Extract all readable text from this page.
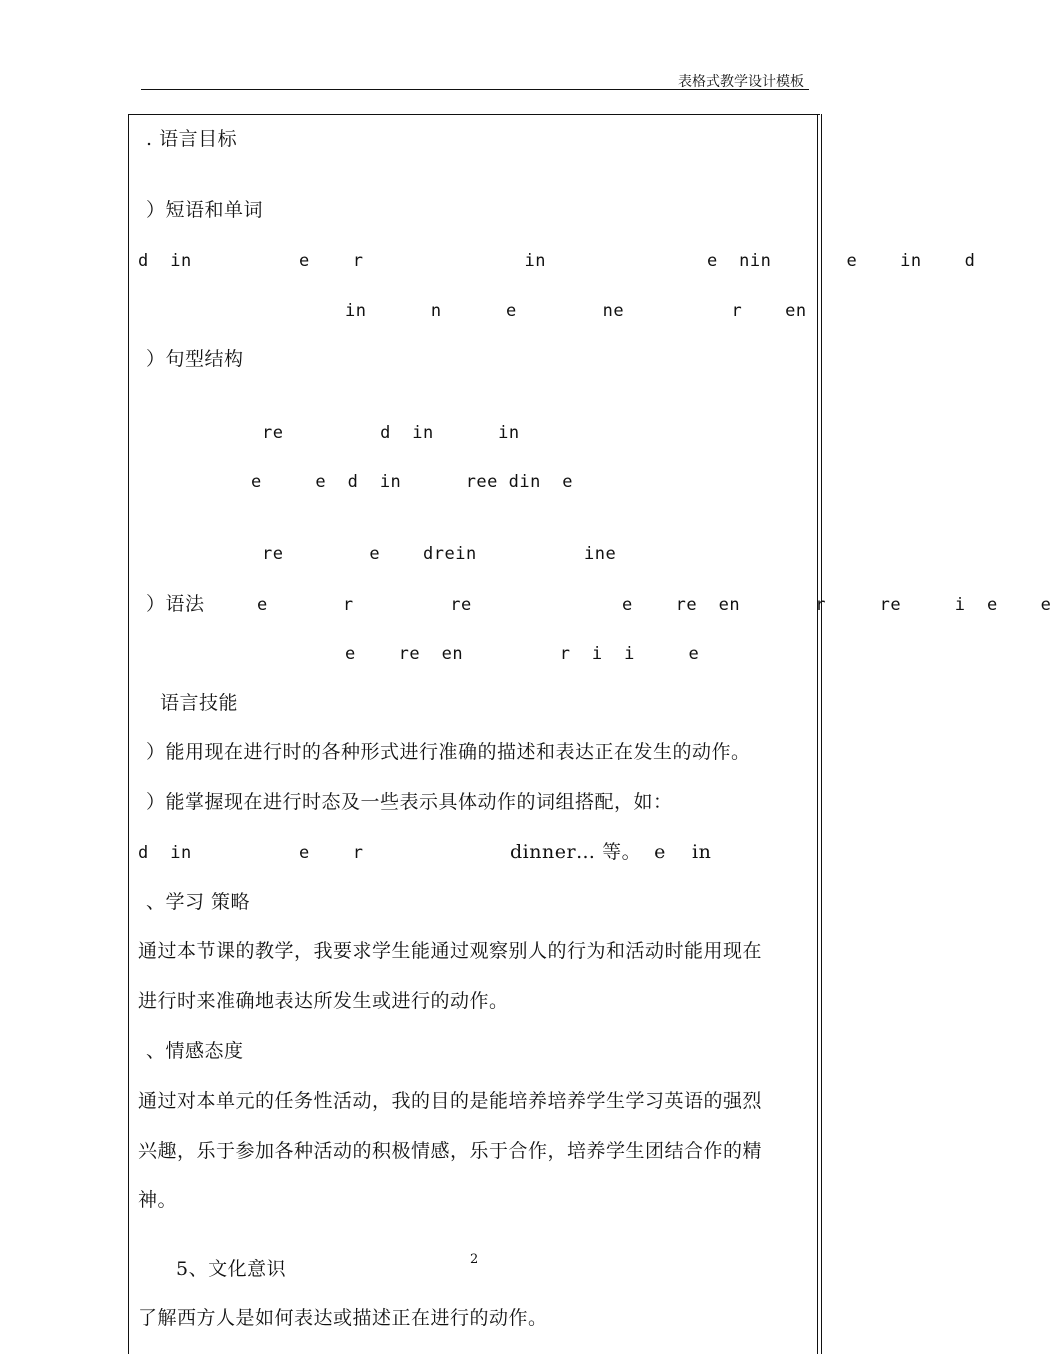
表格式教学设计模板
. 语言目标
）短语和单词
d  in          e    r               in               e  nin       e    in    d
in      n      e        ne          r    en
）句型结构
re         d  in      in
e     e  d  in      ree din  e
re        e    drein          ine
）语法	e       r         re              e    re  en       r     re     i  e    e
e    re  en         r  i  i     e
语言技能
）能用现在进行时的各种形式进行准确的描述和表达正在发生的动作。
）能掌握现在进行时态及一些表示具体动作的词组搭配，如：
d  in          e    r	dinner… 等。  e    in
、学习 策略
通过本节课的教学，我要求学生能通过观察别人的行为和活动时能用现在
进行时来准确地表达所发生或进行的动作。
、情感态度
通过对本单元的任务性活动，我的目的是能培养培养学生学习英语的强烈
兴趣，乐于参加各种活动的积极情感，乐于合作，培养学生团结合作的精
神。
5、文化意识
了解西方人是如何表达或描述正在进行的动作。
2
